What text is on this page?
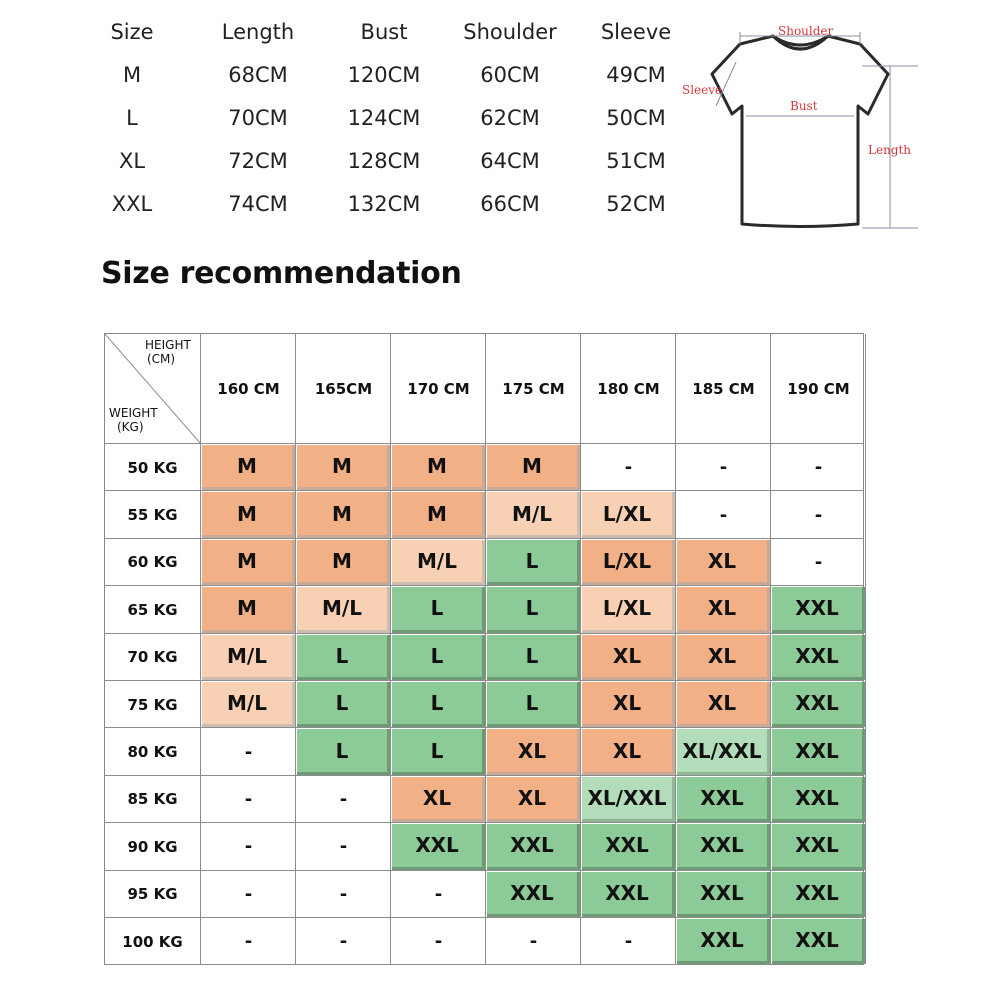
Size	Length	Bust	Shoulder	Sleeve
M	68CM	120CM	60CM	49CM
L	70CM	124CM	62CM	50CM
XL	72CM	128CM	64CM	51CM
XXL	74CM	132CM	66CM	52CM
Shoulder
Sleeve
Bust
Length
Size recommendation
HEIGHT
(CM)
WEIGHT
(KG)
160 CM	165CM	170 CM	175 CM	180 CM	185 CM	190 CM
50 KG	M	M	M	M	-	-	-
55 KG	M	M	M	M/L	L/XL	-	-
60 KG	M	M	M/L	L	L/XL	XL	-
65 KG	M	M/L	L	L	L/XL	XL	XXL
70 KG	M/L	L	L	L	XL	XL	XXL
75 KG	M/L	L	L	L	XL	XL	XXL
80 KG	-	L	L	XL	XL	XL/XXL	XXL
85 KG	-	-	XL	XL	XL/XXL	XXL	XXL
90 KG	-	-	XXL	XXL	XXL	XXL	XXL
95 KG	-	-	-	XXL	XXL	XXL	XXL
100 KG	-	-	-	-	-	XXL	XXL
